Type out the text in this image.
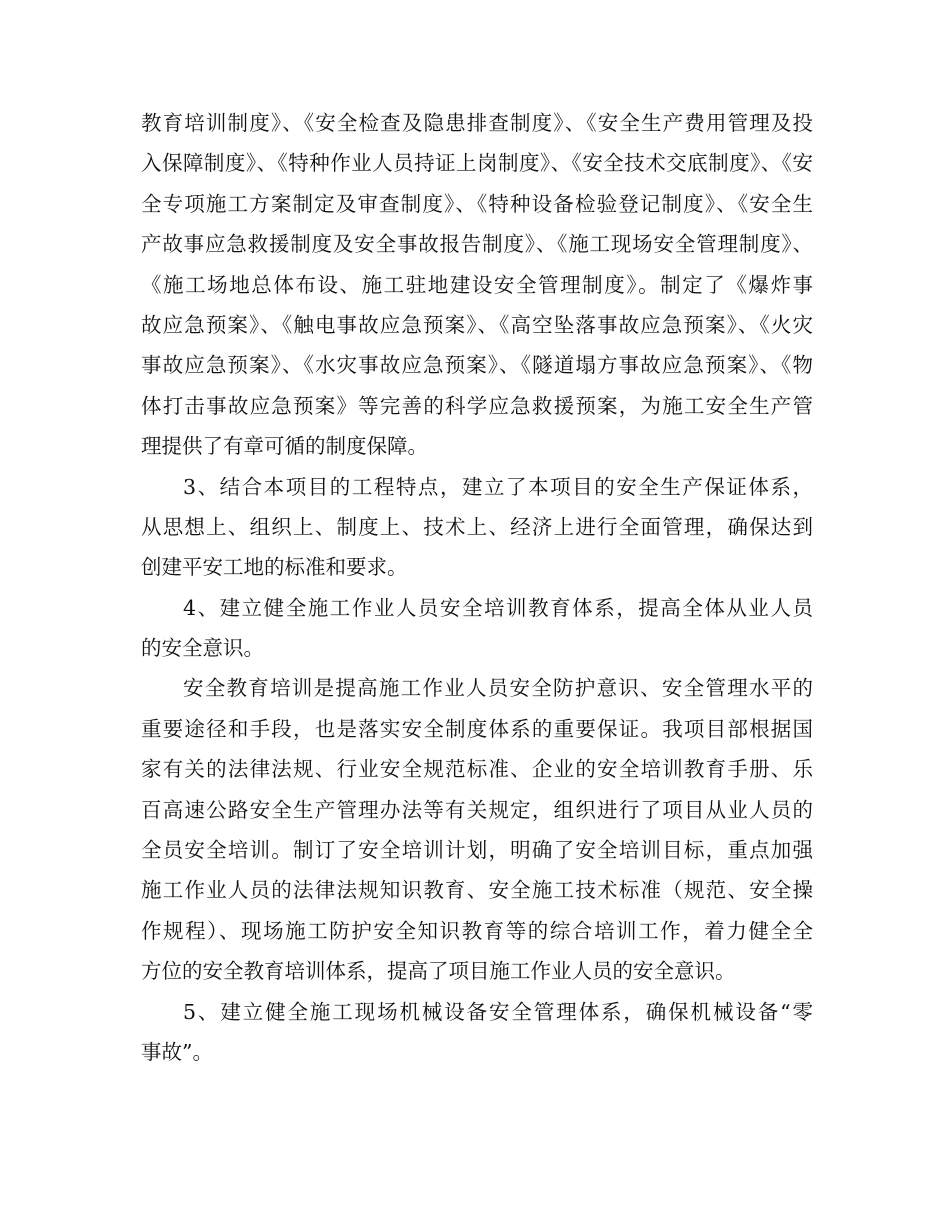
教育培训制度》、《安全检查及隐患排查制度》、《安全生产费用管理及投
入保障制度》、《特种作业人员持证上岗制度》、《安全技术交底制度》、《安
全专项施工方案制定及审查制度》、《特种设备检验登记制度》、《安全生
产故事应急救援制度及安全事故报告制度》、《施工现场安全管理制度》、
《施工场地总体布设、施工驻地建设安全管理制度》。制定了《爆炸事
故应急预案》、《触电事故应急预案》、《高空坠落事故应急预案》、《火灾
事故应急预案》、《水灾事故应急预案》、《隧道塌方事故应急预案》、《物
体打击事故应急预案》等完善的科学应急救援预案，为施工安全生产管
理提供了有章可循的制度保障。
3、结合本项目的工程特点，建立了本项目的安全生产保证体系，
从思想上、组织上、制度上、技术上、经济上进行全面管理，确保达到
创建平安工地的标准和要求。
4、建立健全施工作业人员安全培训教育体系，提高全体从业人员
的安全意识。
安全教育培训是提高施工作业人员安全防护意识、安全管理水平的
重要途径和手段，也是落实安全制度体系的重要保证。我项目部根据国
家有关的法律法规、行业安全规范标准、企业的安全培训教育手册、乐
百高速公路安全生产管理办法等有关规定，组织进行了项目从业人员的
全员安全培训。制订了安全培训计划，明确了安全培训目标，重点加强
施工作业人员的法律法规知识教育、安全施工技术标准（规范、安全操
作规程）、现场施工防护安全知识教育等的综合培训工作，着力健全全
方位的安全教育培训体系，提高了项目施工作业人员的安全意识。
5、建立健全施工现场机械设备安全管理体系，确保机械设备“零
事故”。
